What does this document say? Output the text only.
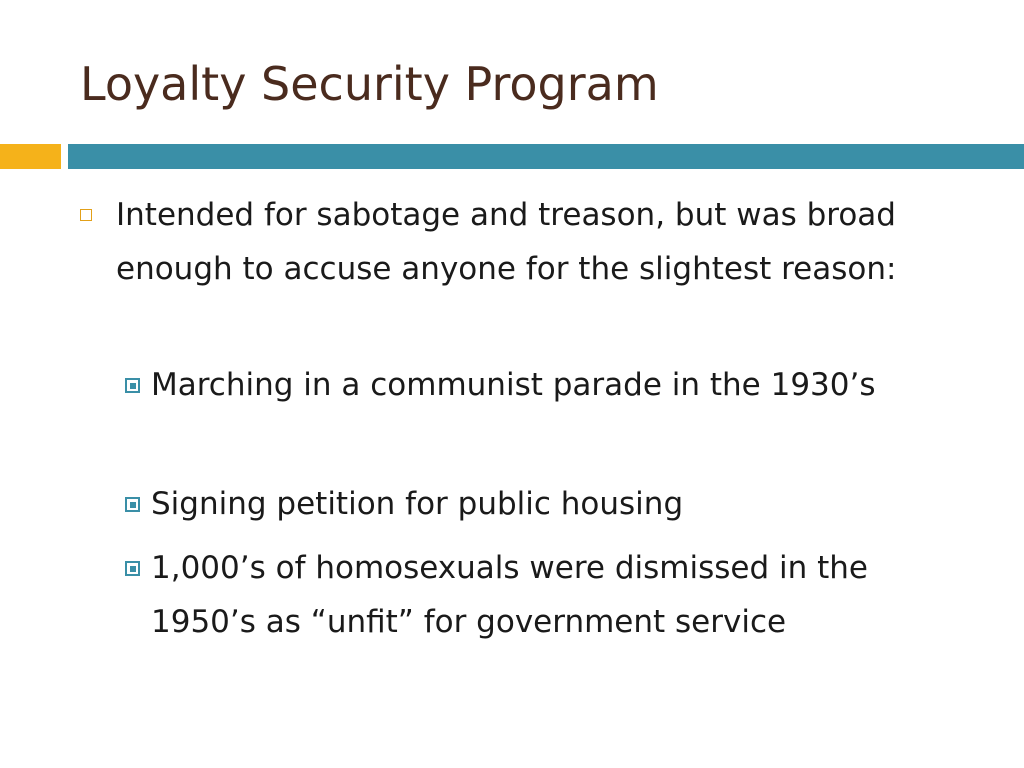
Loyalty Security Program

Intended for sabotage and treason, but was broad enough to accuse anyone for the slightest reason:

Marching in a communist parade in the 1930’s

Signing petition for public housing

1,000’s of homosexuals were dismissed in the 1950’s as “unfit” for government service
